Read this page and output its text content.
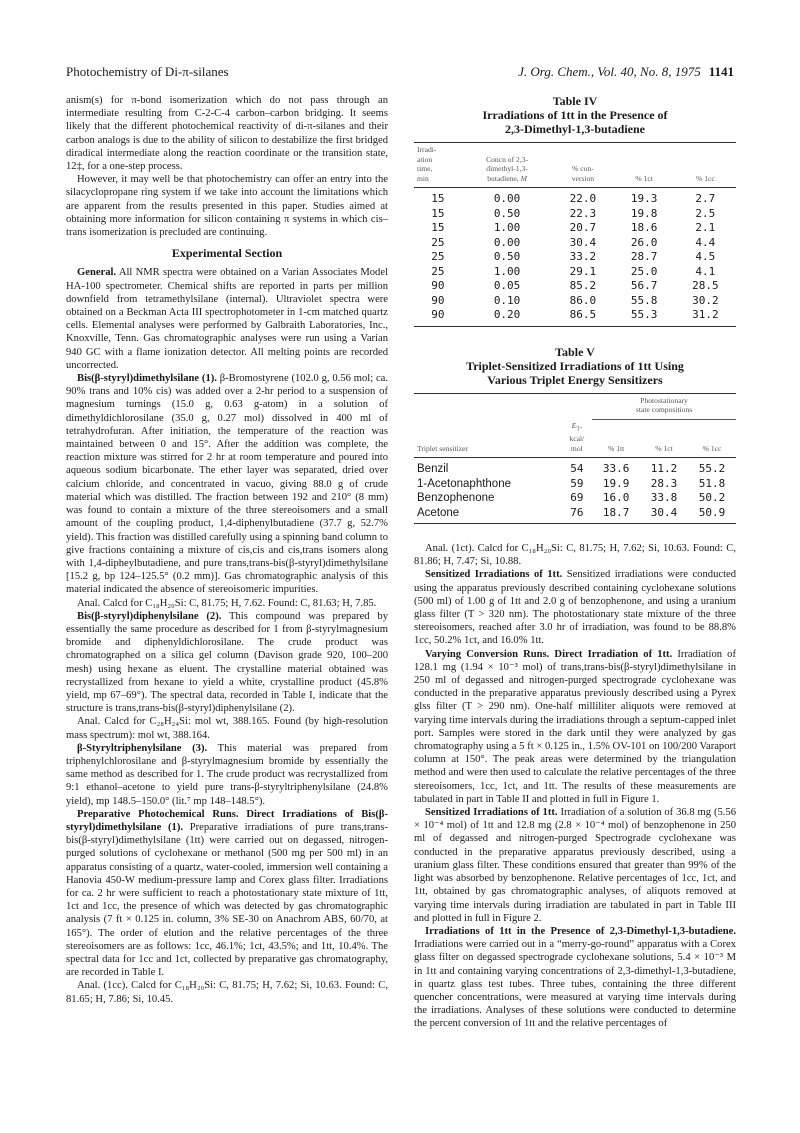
Photochemistry of Di-π-silanes	J. Org. Chem., Vol. 40, No. 8, 1975 1141

anism(s) for π-bond isomerization which do not pass through an intermediate resulting from C-2-C-4 carbon–carbon bridging. It seems likely that the different photochemical reactivity of di-π-silanes and their carbon analogs is due to the ability of silicon to destabilize the first bridged diradical intermediate along the reaction coordinate or the transition state, 12‡, for a one-step process.

However, it may well be that photochemistry can offer an entry into the silacyclopropane ring system if we take into account the limitations which are apparent from the results presented in this paper. Studies aimed at obtaining more information for silicon containing π systems in which cis–trans isomerization is precluded are continuing.

Experimental Section

General. All NMR spectra were obtained on a Varian Associates Model HA-100 spectrometer. Chemical shifts are reported in parts per million downfield from tetramethylsilane (internal). Ultraviolet spectra were obtained on a Beckman Acta III spectrophotometer in 1-cm matched quartz cells. Elemental analyses were performed by Galbraith Laboratories, Inc., Knoxville, Tenn. Gas chromatographic analyses were run using a Varian 940 GC with a flame ionization detector. All melting points are recorded uncorrected.

Bis(β-styryl)dimethylsilane (1). β-Bromostyrene (102.0 g, 0.56 mol; ca. 90% trans and 10% cis) was added over a 2-hr period to a suspension of magnesium turnings (15.0 g, 0.63 g-atom) in a solution of dimethyldichlorosilane (35.0 g, 0.27 mol) dissolved in 400 ml of tetrahydrofuran. After initiation, the temperature of the reaction was maintained between 0 and 15°. After the addition was complete, the reaction mixture was stirred for 2 hr at room temperature and poured into aqueous sodium bicarbonate. The ether layer was separated, dried over calcium chloride, and concentrated in vacuo, giving 88.0 g of crude material which was distilled. The fraction between 192 and 210° (8 mm) was found to contain a mixture of the three stereoisomers and a small amount of the coupling product, 1,4-diphenylbutadiene (37.7 g, 52.7% yield). This fraction was distilled carefully using a spinning band column to give fractions containing a mixture of cis,cis and cis,trans isomers along with 1,4-dipheylbutadiene, and pure trans,trans-bis(β-styryl)dimethylsilane [15.2 g, bp 124–125.5° (0.2 mm)]. Gas chromatographic analysis of this material indicated the absence of stereoisomeric impurities.

Anal. Calcd for C₁₈H₂₀Si: C, 81.75; H, 7.62. Found: C, 81.63; H, 7.85.

Bis(β-styryl)diphenylsilane (2). This compound was prepared by essentially the same procedure as described for 1 from β-styrylmagnesium bromide and diphenyldichlorosilane. The crude product was chromatographed on a silica gel column (Davison grade 920, 100–200 mesh) using hexane as eluent. The crystalline material obtained was recrystallized from hexane to yield a white, crystalline product (45.8% yield, mp 67–69°). The spectral data, recorded in Table I, indicate that the structure is trans,trans-bis(β-styryl)diphenylsilane (2).

Anal. Calcd for C₂₈H₂₄Si: mol wt, 388.165. Found (by high-resolution mass spectrum): mol wt, 388.164.

β-Styryltriphenylsilane (3). This material was prepared from triphenylchlorosilane and β-styrylmagnesium bromide by essentially the same method as described for 1. The crude product was recrystallized from 9:1 ethanol–acetone to yield pure trans-β-styryltriphenylsilane (24.8% yield), mp 148.5–150.0° (lit.⁷ mp 148–148.5°).

Preparative Photochemical Runs. Direct Irradiations of Bis(β-styryl)dimethylsilane (1). Preparative irradiations of pure trans,trans-bis(β-styryl)dimethylsilane (1tt) were carried out on degassed, nitrogen-purged solutions of cyclohexane or methanol (500 mg per 500 ml) in an apparatus consisting of a quartz, water-cooled, immersion well containing a Hanovia 450-W medium-pressure lamp and Corex glass filter. Irradiations for ca. 2 hr were sufficient to reach a photostationary state mixture of 1tt, 1ct and 1cc, the presence of which was detected by gas chromatographic analysis (7 ft × 0.125 in. column, 3% SE-30 on Anachrom ABS, 60/70, at 165°). The order of elution and the relative percentages of the three stereoisomers are as follows: 1cc, 46.1%; 1ct, 43.5%; and 1tt, 10.4%. The spectral data for 1cc and 1ct, collected by preparative gas chromatography, are recorded in Table I.

Anal. (1cc). Calcd for C₁₈H₂₀Si: C, 81.75; H, 7.62; Si, 10.63. Found: C, 81.65; H, 7.86; Si, 10.45.

Table IV
Irradiations of 1tt in the Presence of
2,3-Dimethyl-1,3-butadiene
Irradi-
ation
time,
min	Concn of 2,3-
dimethyl-1,3-
butadiene, M	% con-
version	% 1ct	% 1cc
15	0.00	22.0	19.3	2.7
15	0.50	22.3	19.8	2.5
15	1.00	20.7	18.6	2.1
25	0.00	30.4	26.0	4.4
25	0.50	33.2	28.7	4.5
25	1.00	29.1	25.0	4.1
90	0.05	85.2	56.7	28.5
90	0.10	86.0	55.8	30.2
90	0.20	86.5	55.3	31.2
Table V
Triplet-Sensitized Irradiations of 1tt Using
Various Triplet Energy Sensitizers
		Photostationary
state compositions		
Triplet sensitizer	$E_T$,
kcal/
mol	% 1tt	% 1ct	% 1cc
Benzil	54	33.6	11.2	55.2
1-Acetonaphthone	59	19.9	28.3	51.8
Benzophenone	69	16.0	33.8	50.2
Acetone	76	18.7	30.4	50.9

Anal. (1ct). Calcd for C₁₈H₂₀Si: C, 81.75; H, 7.62; Si, 10.63. Found: C, 81.86; H, 7.47; Si, 10.88.

Sensitized Irradiations of 1tt. Sensitized irradiations were conducted using the apparatus previously described containing cyclohexane solutions (500 ml) of 1.00 g of 1tt and 2.0 g of benzophenone, and using a uranium glass filter (T > 320 nm). The photostationary state mixture of the three stereoisomers, reached after 3.0 hr of irradiation, was found to be 88.8% 1cc, 50.2% 1ct, and 16.0% 1tt.

Varying Conversion Runs. Direct Irradiation of 1tt. Irradiation of 128.1 mg (1.94 × 10⁻³ mol) of trans,trans-bis(β-styryl)dimethylsilane in 250 ml of degassed and nitrogen-purged spectrograde cyclohexane was conducted in the preparative apparatus previously described using a Pyrex glss filter (T > 290 nm). One-half milliliter aliquots were removed at varying time intervals during the irradiations through a septum-capped inlet port. Samples were stored in the dark until they were analyzed by gas chromatography using a 5 ft × 0.125 in., 1.5% OV-101 on 100/200 Varaport column at 150°. The peak areas were determined by the triangulation method and were then used to calculate the relative percentages of the three stereoisomers, 1cc, 1ct, and 1tt. The results of these measurements are tabulated in part in Table II and plotted in full in Figure 1.

Sensitized Irradiations of 1tt. Irradiation of a solution of 36.8 mg (5.56 × 10⁻⁴ mol) of 1tt and 12.8 mg (2.8 × 10⁻⁴ mol) of benzophenone in 250 ml of degassed and nitrogen-purged Spectrograde cyclohexane was conducted in the preparative apparatus previously described, using a uranium glass filter. These conditions ensured that greater than 99% of the light was absorbed by benzophenone. Relative percentages of 1cc, 1ct, and 1tt, obtained by gas chromatographic analyses, of aliquots removed at varying time intervals during irradiation are tabulated in part in Table III and plotted in full in Figure 2.

Irradiations of 1tt in the Presence of 2,3-Dimethyl-1,3-butadiene. Irradiations were carried out in a “merry-go-round” apparatus with a Corex glass filter on degassed spectrograde cyclohexane solutions, 5.4 × 10⁻³ M in 1tt and containing varying concentrations of 2,3-dimethyl-1,3-butadiene, in quartz glass test tubes. Three tubes, containing the three different quencher concentrations, were measured at varying time intervals during the irradiations. Analyses of these solutions were conducted to determine the percent conversion of 1tt and the relative percentages of
